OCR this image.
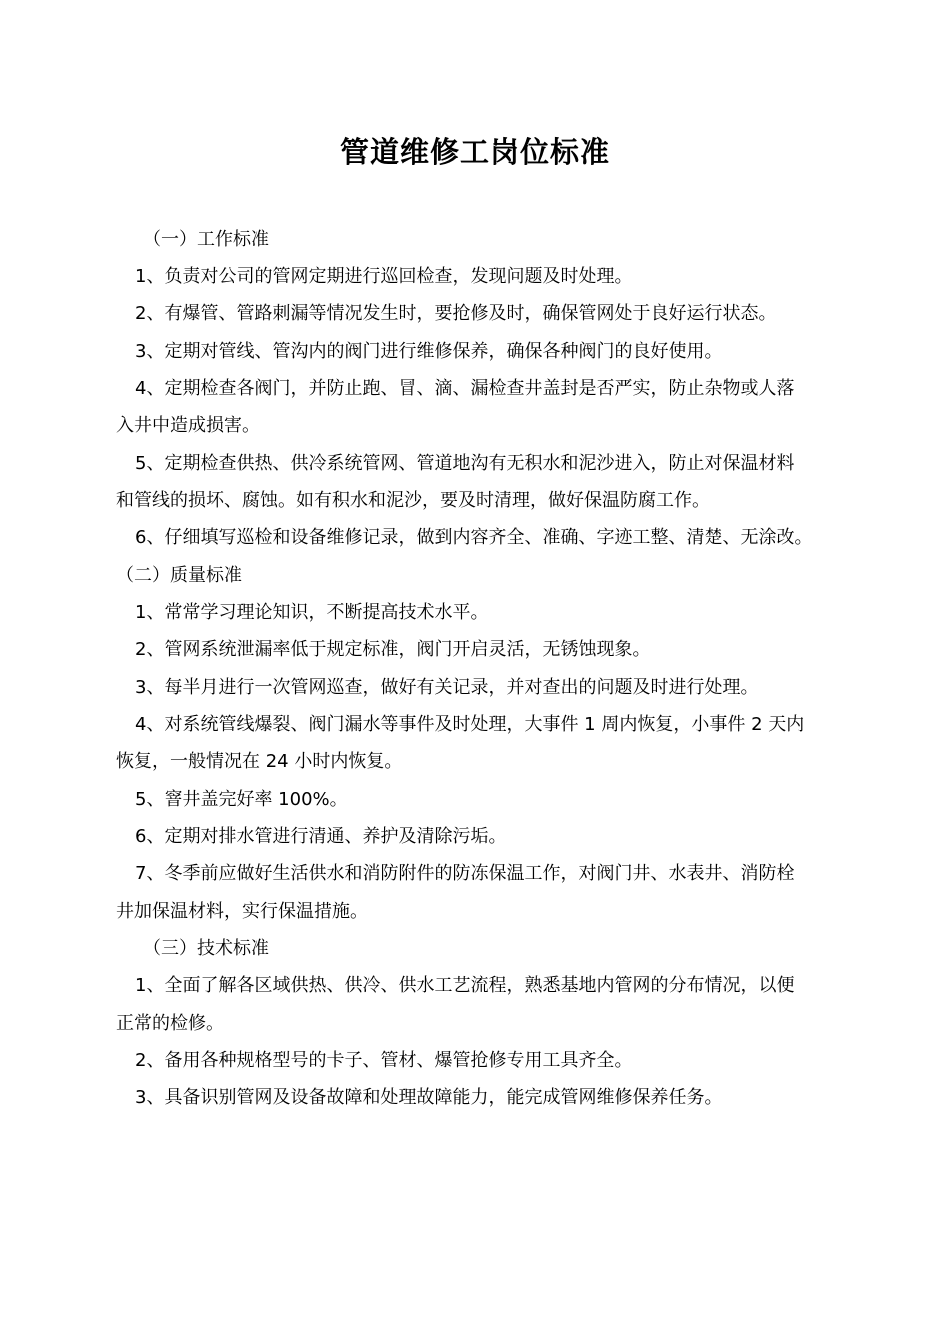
管道维修工岗位标准
（一）工作标准
1、负责对公司的管网定期进行巡回检查，发现问题及时处理。
2、有爆管、管路刺漏等情况发生时，要抢修及时，确保管网处于良好运行状态。
3、定期对管线、管沟内的阀门进行维修保养，确保各种阀门的良好使用。
4、定期检查各阀门，并防止跑、冒、滴、漏检查井盖封是否严实，防止杂物或人落
入井中造成损害。
5、定期检查供热、供冷系统管网、管道地沟有无积水和泥沙进入，防止对保温材料
和管线的损坏、腐蚀。如有积水和泥沙，要及时清理，做好保温防腐工作。
6、仔细填写巡检和设备维修记录，做到内容齐全、准确、字迹工整、清楚、无涂改。
（二）质量标准
1、常常学习理论知识，不断提高技术水平。
2、管网系统泄漏率低于规定标准，阀门开启灵活，无锈蚀现象。
3、每半月进行一次管网巡查，做好有关记录，并对查出的问题及时进行处理。
4、对系统管线爆裂、阀门漏水等事件及时处理，大事件 1 周内恢复，小事件 2 天内
恢复，一般情况在 24 小时内恢复。
5、窨井盖完好率 100%。
6、定期对排水管进行清通、养护及清除污垢。
7、冬季前应做好生活供水和消防附件的防冻保温工作，对阀门井、水表井、消防栓
井加保温材料，实行保温措施。
（三）技术标准
1、全面了解各区域供热、供冷、供水工艺流程，熟悉基地内管网的分布情况，以便
正常的检修。
2、备用各种规格型号的卡子、管材、爆管抢修专用工具齐全。
3、具备识别管网及设备故障和处理故障能力，能完成管网维修保养任务。
